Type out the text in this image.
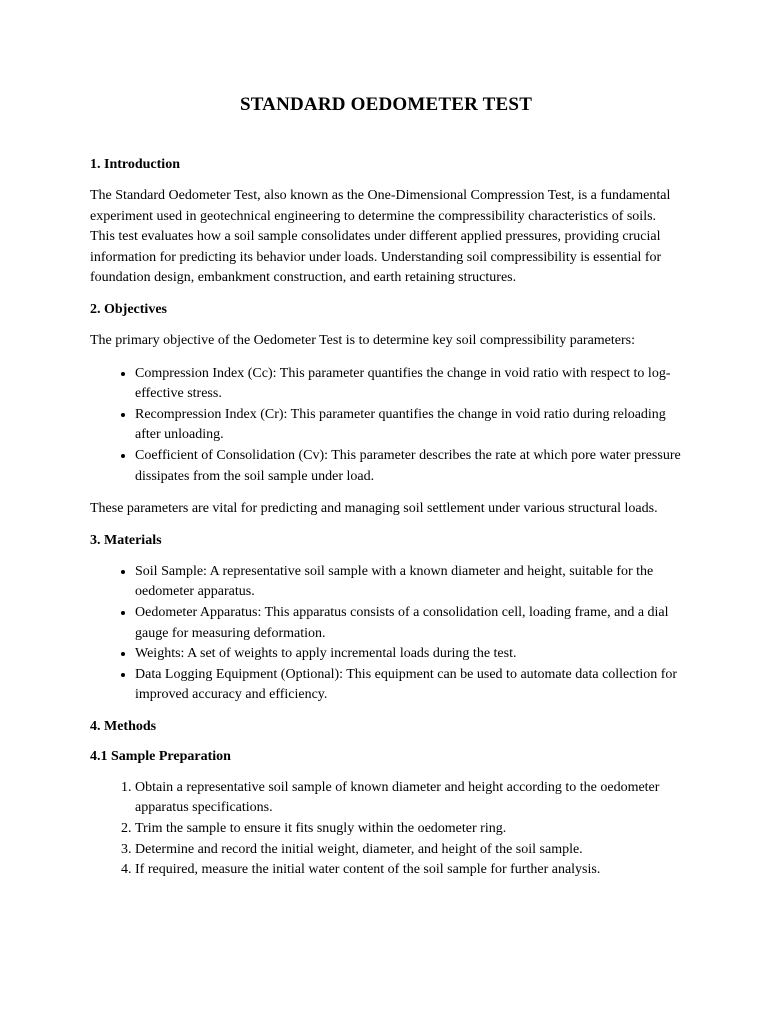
STANDARD OEDOMETER TEST
1. Introduction

The Standard Oedometer Test, also known as the One-Dimensional Compression Test, is a fundamental experiment used in geotechnical engineering to determine the compressibility characteristics of soils. This test evaluates how a soil sample consolidates under different applied pressures, providing crucial information for predicting its behavior under loads. Understanding soil compressibility is essential for foundation design, embankment construction, and earth retaining structures.

2. Objectives

The primary objective of the Oedometer Test is to determine key soil compressibility parameters:

• Compression Index (Cc): This parameter quantifies the change in void ratio with respect to log-effective stress.
• Recompression Index (Cr): This parameter quantifies the change in void ratio during reloading after unloading.
• Coefficient of Consolidation (Cv): This parameter describes the rate at which pore water pressure dissipates from the soil sample under load.

These parameters are vital for predicting and managing soil settlement under various structural loads.

3. Materials
• Soil Sample: A representative soil sample with a known diameter and height, suitable for the oedometer apparatus.
• Oedometer Apparatus: This apparatus consists of a consolidation cell, loading frame, and a dial gauge for measuring deformation.
• Weights: A set of weights to apply incremental loads during the test.
• Data Logging Equipment (Optional): This equipment can be used to automate data collection for improved accuracy and efficiency.
4. Methods
4.1 Sample Preparation
1. Obtain a representative soil sample of known diameter and height according to the oedometer apparatus specifications.
2. Trim the sample to ensure it fits snugly within the oedometer ring.
3. Determine and record the initial weight, diameter, and height of the soil sample.
4. If required, measure the initial water content of the soil sample for further analysis.
